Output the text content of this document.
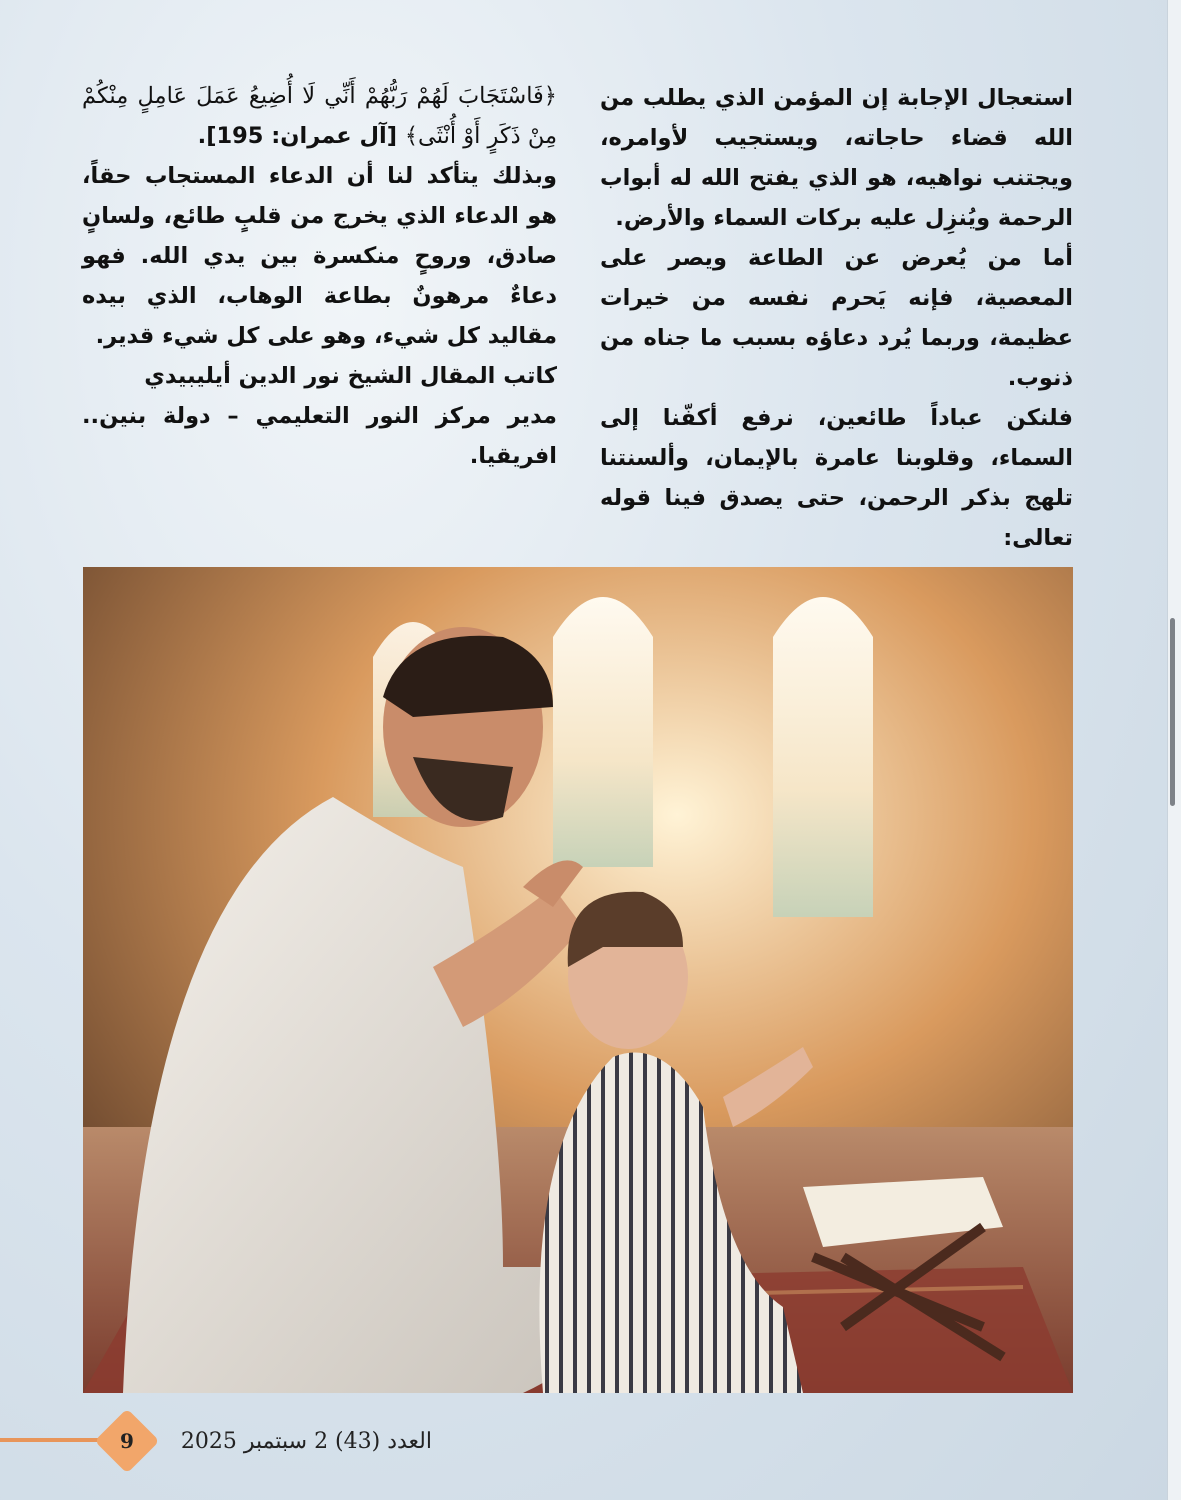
استعجال الإجابة إن المؤمن الذي يطلب من الله قضاء حاجاته، ويستجيب لأوامره، ويجتنب نواهيه، هو الذي يفتح الله له أبواب الرحمة ويُنزِل عليه بركات السماء والأرض.

أما من يُعرض عن الطاعة ويصر على المعصية، فإنه يَحرم نفسه من خيرات عظيمة، وربما يُرد دعاؤه بسبب ما جناه من ذنوب.

فلنكن عباداً طائعين، نرفع أكفّنا إلى السماء، وقلوبنا عامرة بالإيمان، وألسنتنا تلهج بذكر الرحمن، حتى يصدق فينا قوله تعالى:

﴿فَاسْتَجَابَ لَهُمْ رَبُّهُمْ أَنِّي لَا أُضِيعُ عَمَلَ عَامِلٍ مِنْكُمْ مِنْ ذَكَرٍ أَوْ أُنْثَى﴾ [آل عمران: 195].

وبذلك يتأكد لنا أن الدعاء المستجاب حقاً، هو الدعاء الذي يخرج من قلبٍ طائع، ولسانٍ صادق، وروحٍ منكسرة بين يدي الله. فهو دعاءٌ مرهونٌ بطاعة الوهاب، الذي بيده مقاليد كل شيء، وهو على كل شيء قدير.

كاتب المقال الشيخ نور الدين أيليبيدي

مدير مركز النور التعليمي – دولة بنين.. افريقيا.

9	العدد (43) 2 سبتمبر 2025
